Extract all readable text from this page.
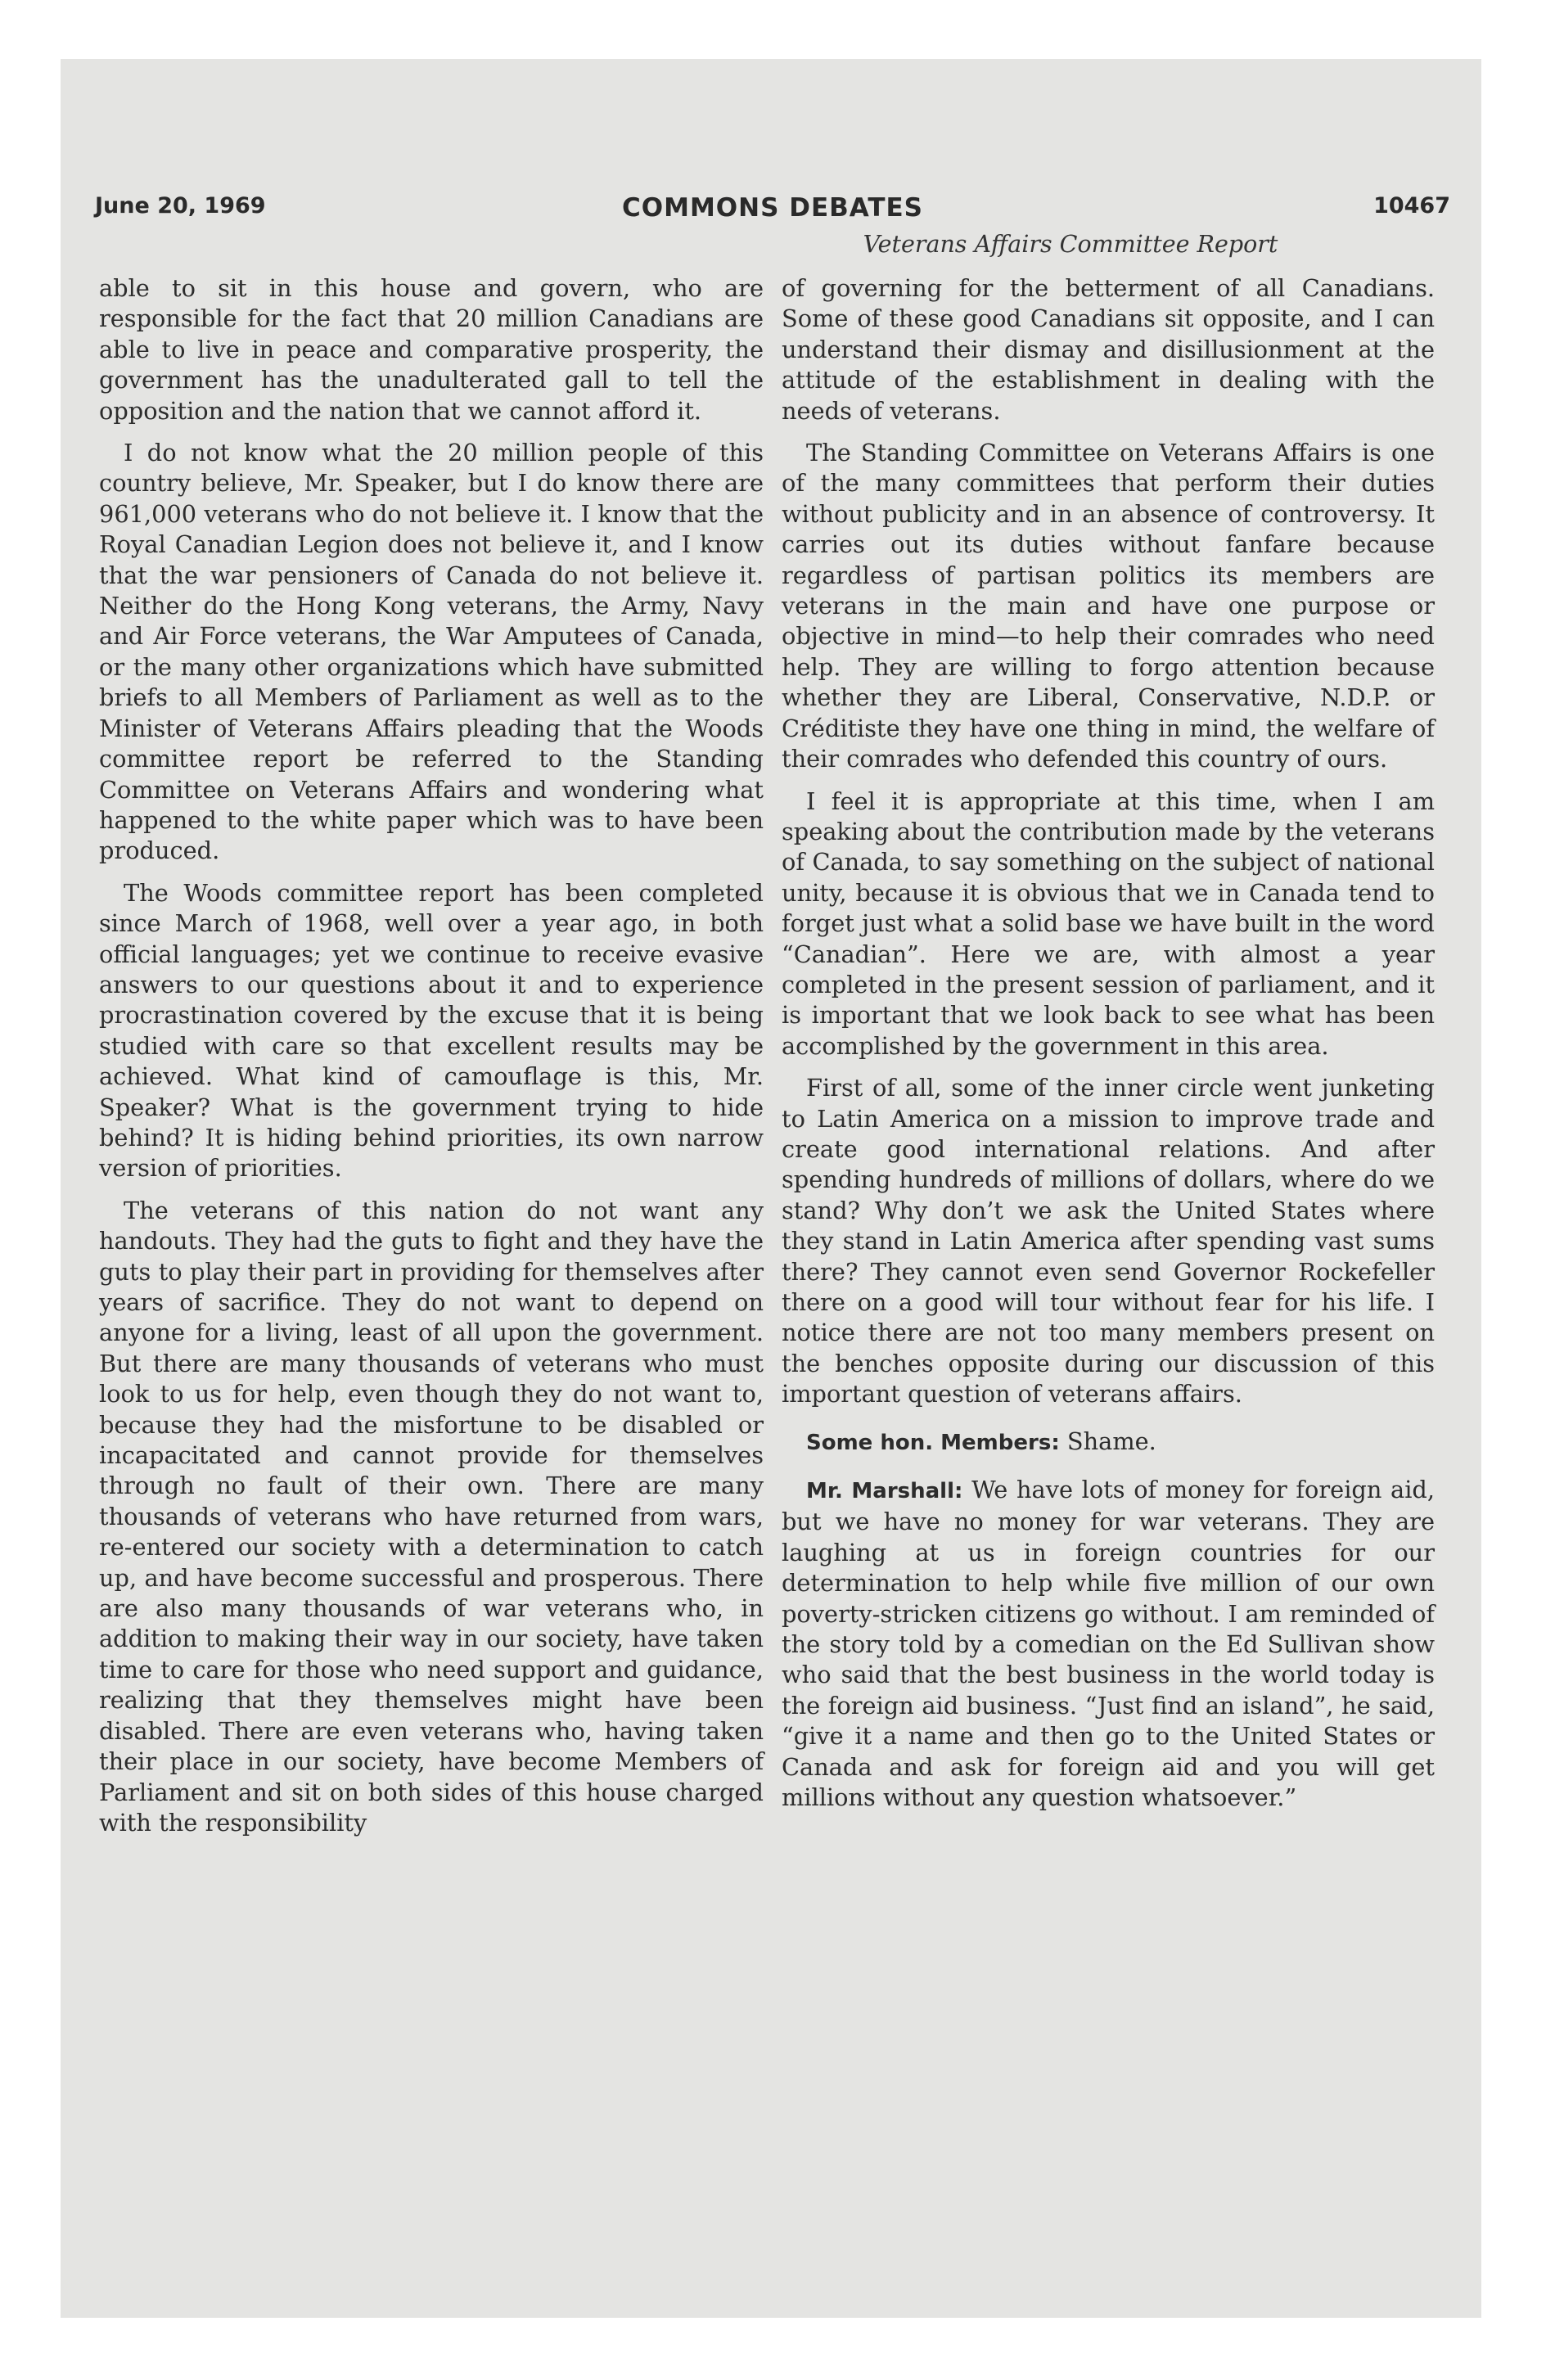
June 20, 1969	COMMONS DEBATES	10467
Veterans Affairs Committee Report

able to sit in this house and govern, who are responsible for the fact that 20 million Canadians are able to live in peace and comparative prosperity, the government has the unadulterated gall to tell the opposition and the nation that we cannot afford it.

I do not know what the 20 million people of this country believe, Mr. Speaker, but I do know there are 961,000 veterans who do not believe it. I know that the Royal Canadian Legion does not believe it, and I know that the war pensioners of Canada do not believe it. Neither do the Hong Kong veterans, the Army, Navy and Air Force veterans, the War Amputees of Canada, or the many other organizations which have submitted briefs to all Members of Parliament as well as to the Minister of Veterans Affairs pleading that the Woods committee report be referred to the Standing Committee on Veterans Affairs and wondering what happened to the white paper which was to have been produced.

The Woods committee report has been completed since March of 1968, well over a year ago, in both official languages; yet we continue to receive evasive answers to our questions about it and to experience procrastination covered by the excuse that it is being studied with care so that excellent results may be achieved. What kind of camouflage is this, Mr. Speaker? What is the government trying to hide behind? It is hiding behind priorities, its own narrow version of priorities.

The veterans of this nation do not want any handouts. They had the guts to fight and they have the guts to play their part in providing for themselves after years of sacrifice. They do not want to depend on anyone for a living, least of all upon the government. But there are many thousands of veterans who must look to us for help, even though they do not want to, because they had the misfortune to be disabled or incapacitated and cannot provide for themselves through no fault of their own. There are many thousands of veterans who have returned from wars, re-entered our society with a determination to catch up, and have become successful and prosperous. There are also many thousands of war veterans who, in addition to making their way in our society, have taken time to care for those who need support and guidance, realizing that they themselves might have been disabled. There are even veterans who, having taken their place in our society, have become Members of Parliament and sit on both sides of this house charged with the responsibility

of governing for the betterment of all Canadians. Some of these good Canadians sit opposite, and I can understand their dismay and disillusionment at the attitude of the establishment in dealing with the needs of veterans.

The Standing Committee on Veterans Affairs is one of the many committees that perform their duties without publicity and in an absence of controversy. It carries out its duties without fanfare because regardless of partisan politics its members are veterans in the main and have one purpose or objective in mind—to help their comrades who need help. They are willing to forgo attention because whether they are Liberal, Conservative, N.D.P. or Créditiste they have one thing in mind, the welfare of their comrades who defended this country of ours.

I feel it is appropriate at this time, when I am speaking about the contribution made by the veterans of Canada, to say something on the subject of national unity, because it is obvious that we in Canada tend to forget just what a solid base we have built in the word “Canadian”. Here we are, with almost a year completed in the present session of parliament, and it is important that we look back to see what has been accomplished by the government in this area.

First of all, some of the inner circle went junketing to Latin America on a mission to improve trade and create good international relations. And after spending hundreds of millions of dollars, where do we stand? Why don’t we ask the United States where they stand in Latin America after spending vast sums there? They cannot even send Governor Rockefeller there on a good will tour without fear for his life. I notice there are not too many members present on the benches opposite during our discussion of this important question of veterans affairs.

Some hon. Members: Shame.

Mr. Marshall: We have lots of money for foreign aid, but we have no money for war veterans. They are laughing at us in foreign countries for our determination to help while five million of our own poverty-stricken citizens go without. I am reminded of the story told by a comedian on the Ed Sullivan show who said that the best business in the world today is the foreign aid business. “Just find an island”, he said, “give it a name and then go to the United States or Canada and ask for foreign aid and you will get millions without any question whatsoever.”
